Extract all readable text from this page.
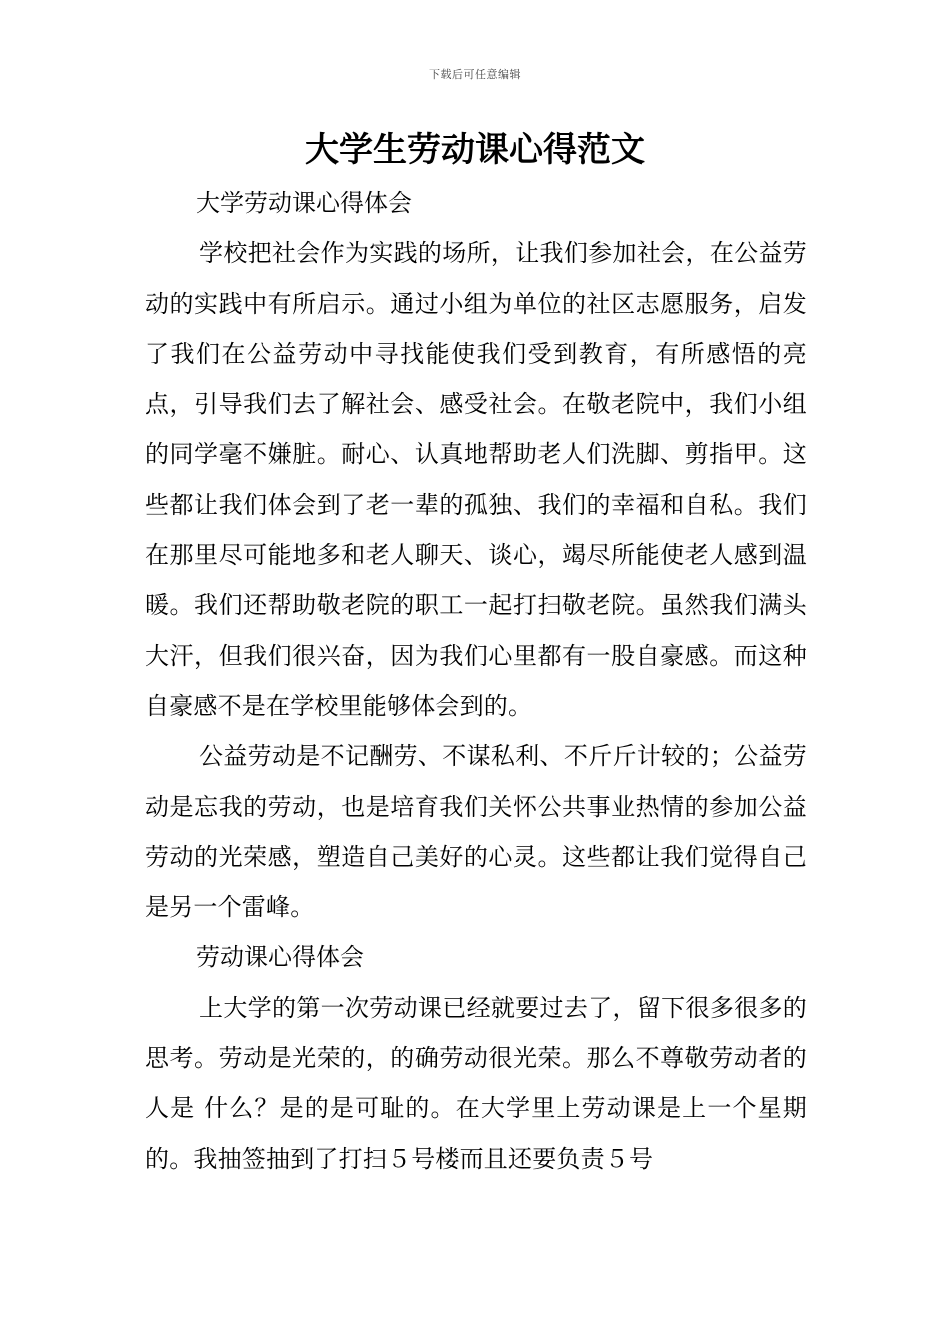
下载后可任意编辑
大学生劳动课心得范文
大学劳动课心得体会

学校把社会作为实践的场所，让我们参加社会，在公益劳动的实践中有所启示。通过小组为单位的社区志愿服务，启发了我们在公益劳动中寻找能使我们受到教育，有所感悟的亮点，引导我们去了解社会、感受社会。在敬老院中，我们小组的同学毫不嫌脏。耐心、认真地帮助老人们洗脚、剪指甲。这些都让我们体会到了老一辈的孤独、我们的幸福和自私。我们在那里尽可能地多和老人聊天、谈心，竭尽所能使老人感到温暖。我们还帮助敬老院的职工一起打扫敬老院。虽然我们满头大汗，但我们很兴奋，因为我们心里都有一股自豪感。而这种自豪感不是在学校里能够体会到的。

公益劳动是不记酬劳、不谋私利、不斤斤计较的；公益劳动是忘我的劳动，也是培育我们关怀公共事业热情的参加公益劳动的光荣感，塑造自己美好的心灵。这些都让我们觉得自己是另一个雷峰。

劳动课心得体会

上大学的第一次劳动课已经就要过去了，留下很多很多的思考。劳动是光荣的，的确劳动很光荣。那么不尊敬劳动者的人是 什么？是的是可耻的。在大学里上劳动课是上一个星期的。我抽签抽到了打扫５号楼而且还要负责５号
